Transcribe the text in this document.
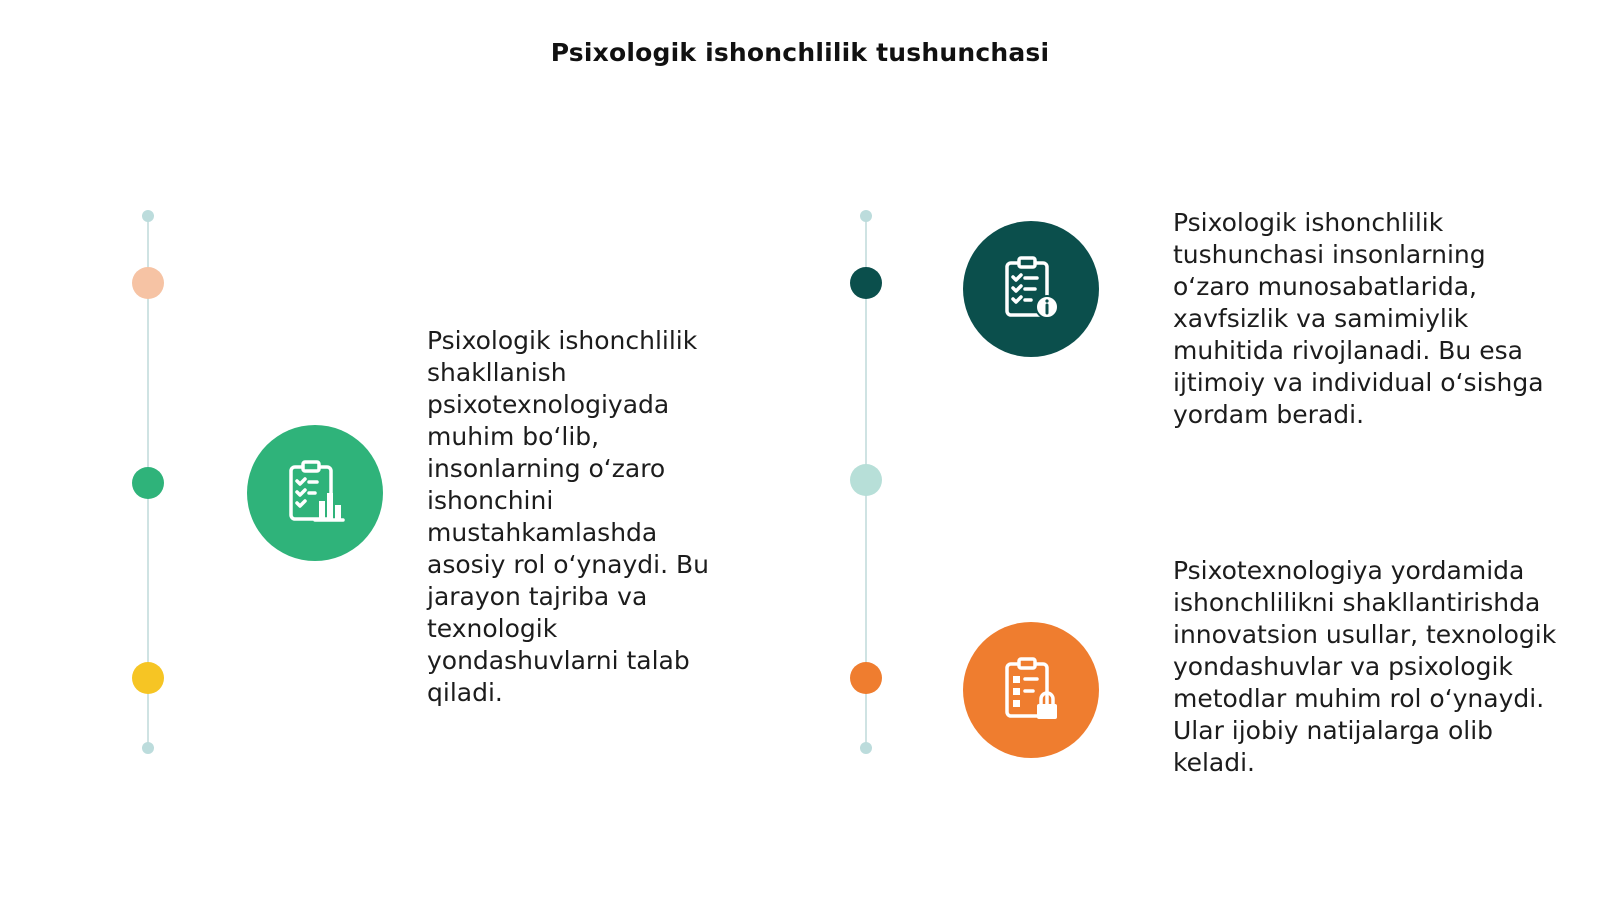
Psixologik ishonchlilik tushunchasi
Psixologik ishonchlilik shakllanish psixotexnologiyada muhim bo‘lib, insonlarning o‘zaro ishonchini mustahkamlashda asosiy rol o‘ynaydi. Bu jarayon tajriba va texnologik yondashuvlarni talab qiladi.
Psixologik ishonchlilik tushunchasi insonlarning o‘zaro munosabatlarida, xavfsizlik va samimiylik muhitida rivojlanadi. Bu esa ijtimoiy va individual o‘sishga yordam beradi.
Psixotexnologiya yordamida ishonchlilikni shakllantirishda innovatsion usullar, texnologik yondashuvlar va psixologik metodlar muhim rol o‘ynaydi. Ular ijobiy natijalarga olib keladi.
